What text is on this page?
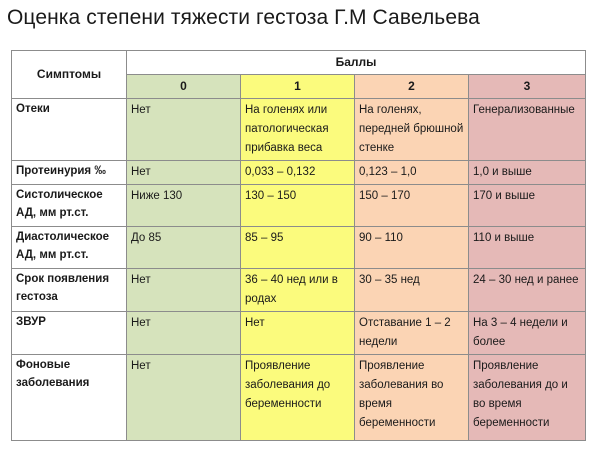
Оценка степени тяжести гестоза Г.М Савельева
Симптомы	Баллы			
	0	1	2	3
Отеки	Нет	На голенях или патологическая прибавка веса	На голенях, передней брюшной стенке	Генерализованные
Протеинурия ‰	Нет	0,033 – 0,132	0,123 – 1,0	1,0 и выше
Систолическое АД, мм рт.ст.	Ниже 130	130 – 150	150 – 170	170 и выше
Диастолическое АД, мм рт.ст.	До 85	85 – 95	90 – 110	110 и выше
Срок появления гестоза	Нет	36 – 40 нед или в родах	30 – 35 нед	24 – 30 нед и ранее
ЗВУР	Нет	Нет	Отставание 1 – 2 недели	На 3 – 4 недели и более
Фоновые заболевания	Нет	Проявление заболевания до беременности	Проявление заболевания во время беременности	Проявление заболевания до и во время беременности
